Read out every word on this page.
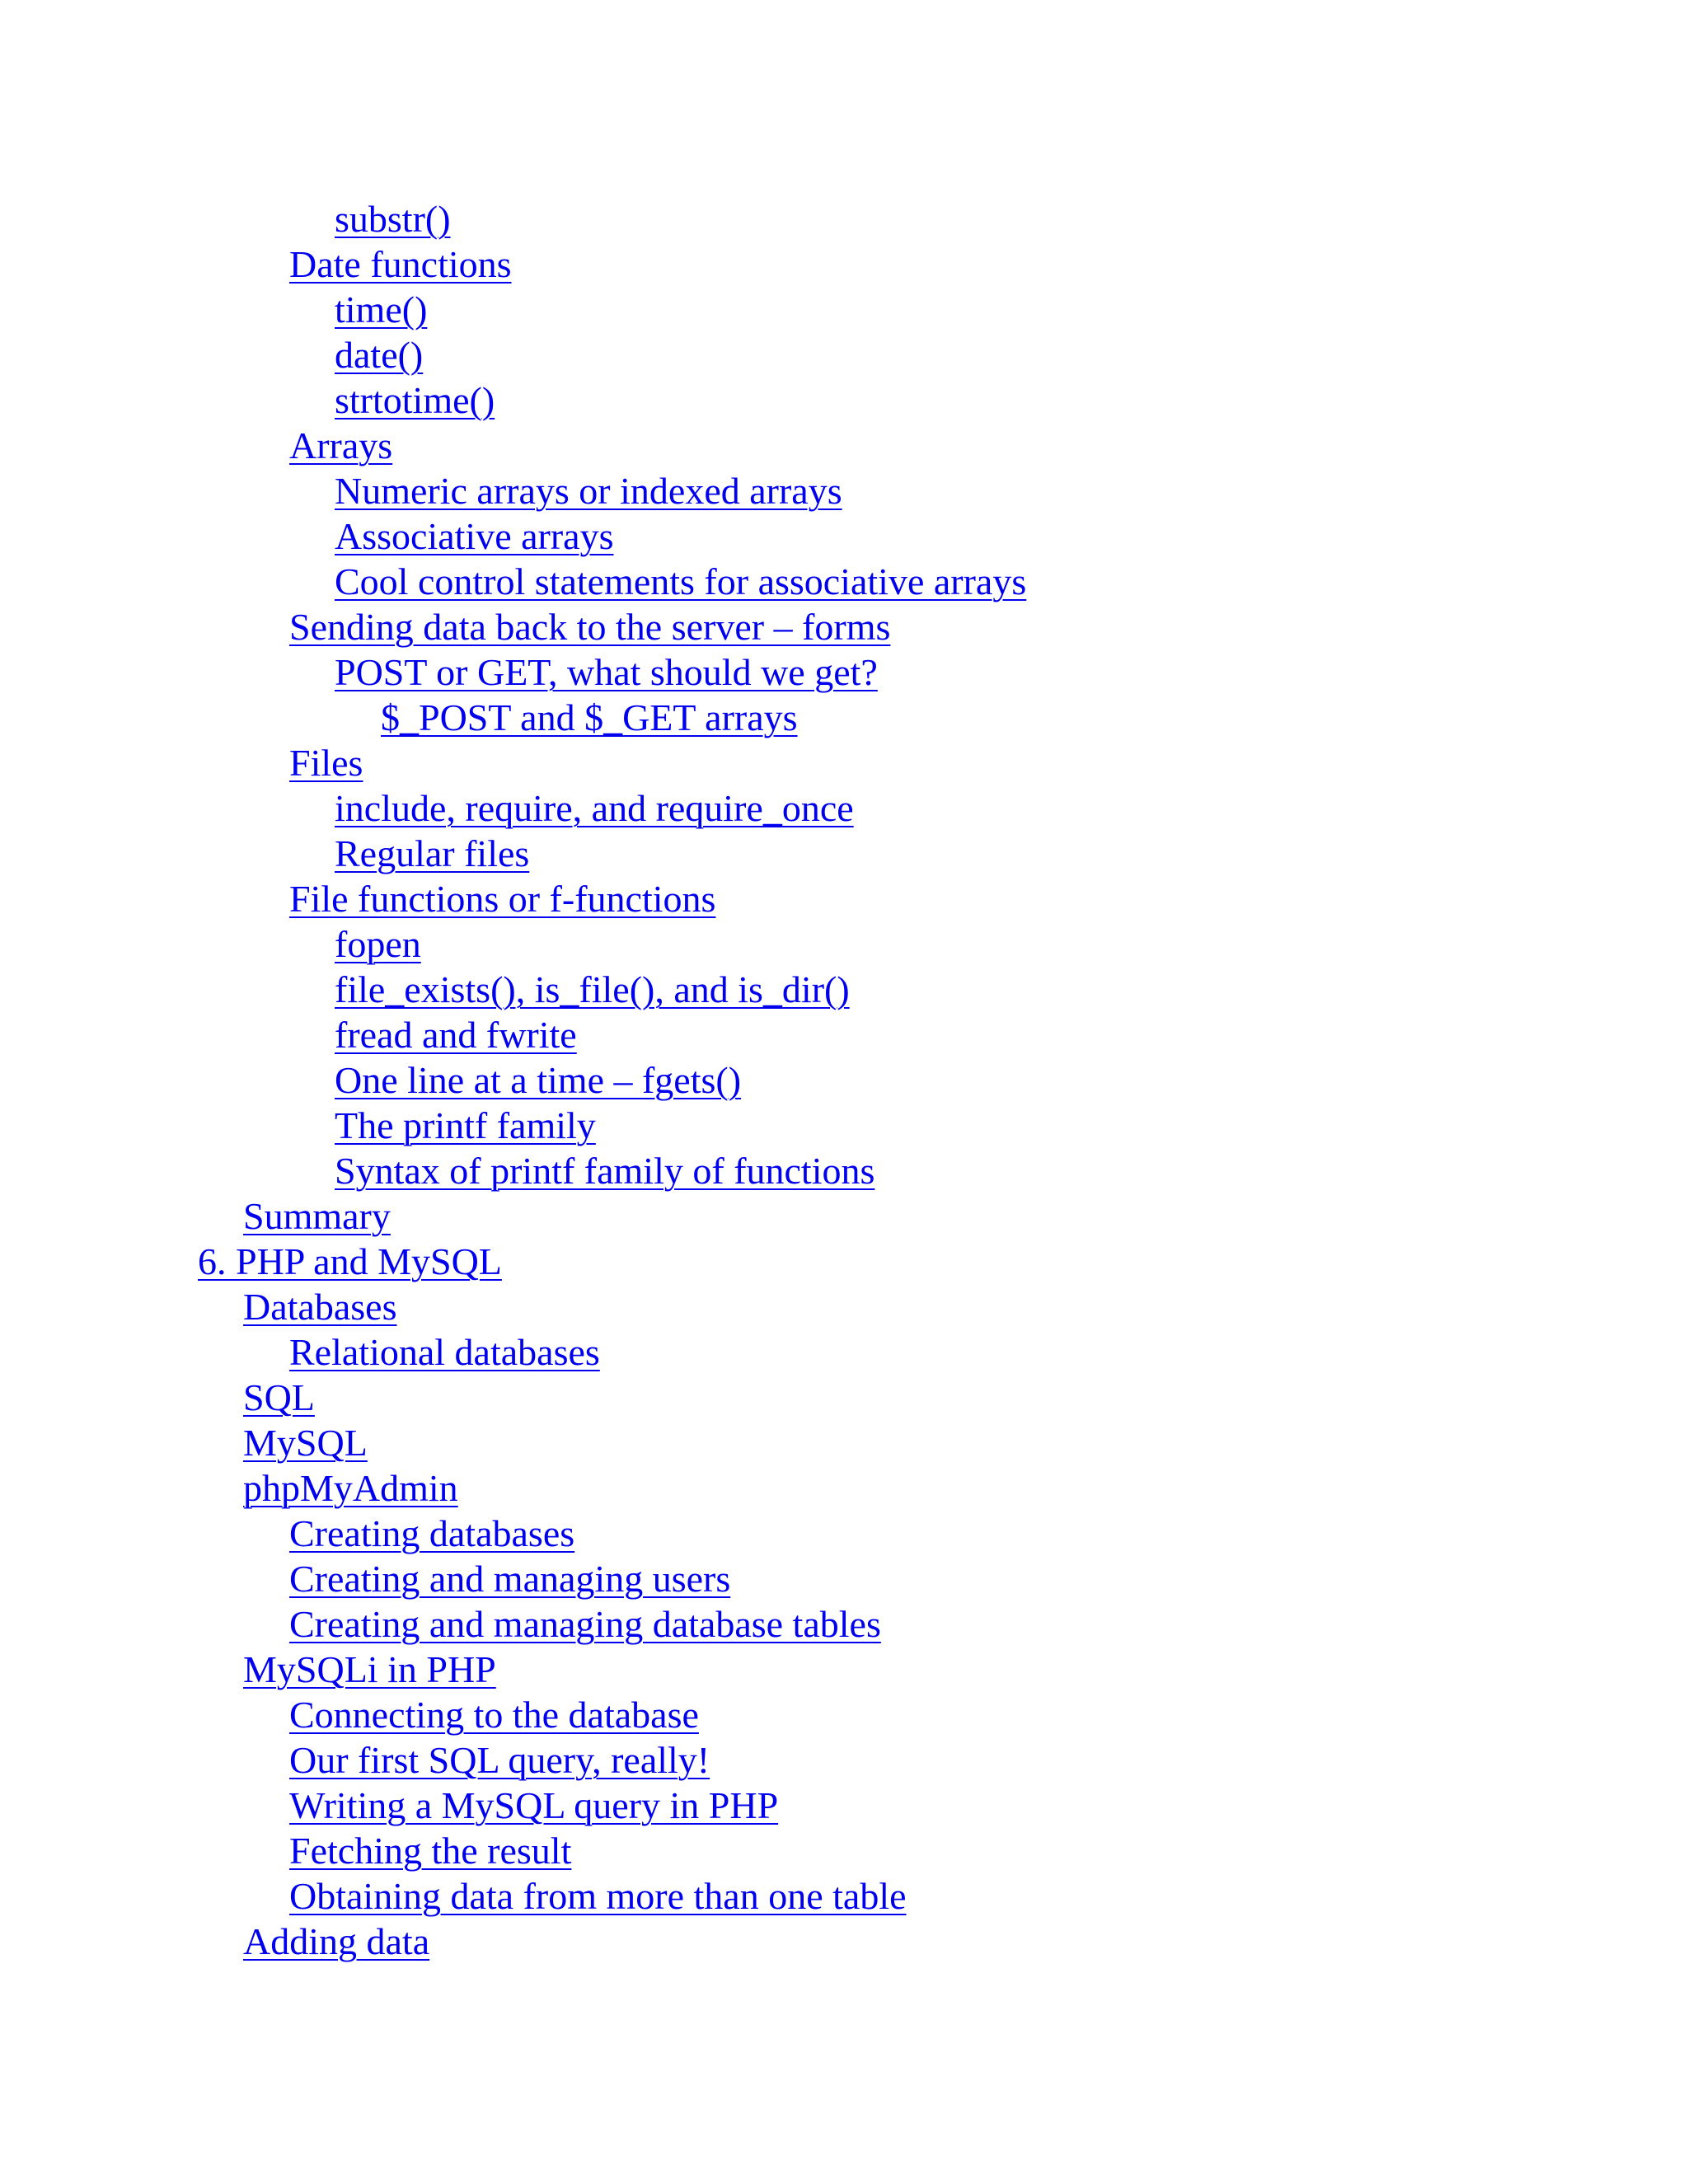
substr()
Date functions
time()
date()
strtotime()
Arrays
Numeric arrays or indexed arrays
Associative arrays
Cool control statements for associative arrays
Sending data back to the server – forms
POST or GET, what should we get?
$_POST and $_GET arrays
Files
include, require, and require_once
Regular files
File functions or f-functions
fopen
file_exists(), is_file(), and is_dir()
fread and fwrite
One line at a time – fgets()
The printf family
Syntax of printf family of functions
Summary
6. PHP and MySQL
Databases
Relational databases
SQL
MySQL
phpMyAdmin
Creating databases
Creating and managing users
Creating and managing database tables
MySQLi in PHP
Connecting to the database
Our first SQL query, really!
Writing a MySQL query in PHP
Fetching the result
Obtaining data from more than one table
Adding data
